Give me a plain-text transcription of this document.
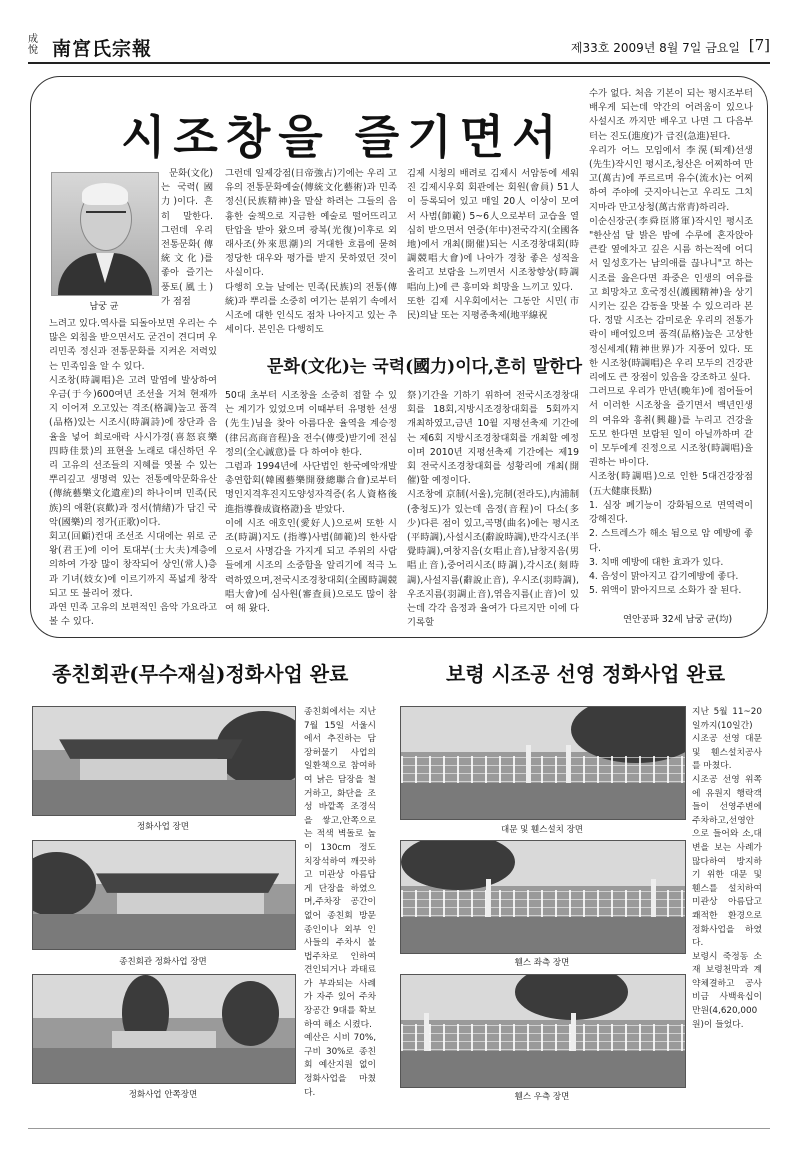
成悅 南宮氏宗報	제33호 2009년 8월 7일 금요일 [7]
시조창을 즐기면서
남궁 균

문화(文化)는 국력(國力)이다. 흔히 말한다. 그런데 우리 전통문화(傳統文化)를 좋아 즐기는 풍토(風土)가 점점

느려고 있다.역사를 되돌아보면 우리는 수많은 외침을 받으면서도 굳건이 견디며 우리민족 정신과 전통문화를 지켜온 저력있는 민족임을 알 수 있다.
시조창(時調唱)은 고려 말엽에 발상하여 우금(于今)600여년 조선을 거쳐 현재까지 이어져 오고있는 격조(格調)높고 품격(品格)있는 시조시(時調詩)에 장단과 음율을 넣어 희로애락 사시가경(喜怒哀樂 四時佳景)의 표현을 노래로 대신하던 우리 고유의 선조들의 지혜를 엿볼 수 있는 뿌리깊고 생명력 있는 전통예악문화유산(傳統藝樂文化遺産)의 하나이며 민족(民族)의 애환(哀歡)과 정서(情緖)가 담긴 국악(國樂)의 정가(正歌)이다.
회고(回顧)컨대 조선조 시대에는 위로 군왕(君王)에 이어 토대부(士大夫)계층에 의하여 가장 많이 창작되어 상인(常人)층과 기녀(妓女)에 이르기까지 폭넓게 창작되고 또 불리어 졌다.
과연 민족 고유의 보편적인 음악 가요라고 볼 수 있다.
그런데 일제강점(日帝強占)기에는 우리 고유의 전통문화예술(傳統文化藝術)과 민족정신(民族精神)을 말살 하려는 그들의 음흉한 술책으로 지금한 예술로 떨어뜨리고 탄압을 받아 왔으며 광복(光復)이후로 외래사조(外來思潮)의 거대한 흐름에 묻혀 정당한 대우와 평가를 받지 못하였던 것이 사실이다.
다행히 오늘 날에는 민족(民族)의 전통(傳統)과 뿌리를 소중히 여기는 분위기 속에서 시조에 대한 인식도 점차 나아지고 있는 추세이다. 본인은 다행히도
문화(文化)는 국력(國力)이다,흔히 말한다
50대 초부터 시조창을 소중히 접할 수 있는 계기가 있었으며 이때부터 유명한 선생(先生)님을 찾아 아름다운 율역을 계승정(律呂高商音程)을 전수(傳受)받기에 전심정의(全心誠意)를 다 하여야 한다.
그럼과 1994년에 사단법인 한국예악개발총연합회(韓國藝樂開發總聯合會)로부터 명인지격후진지도양성자격증(名人資格後進指導養成資格證)을 받았다.
이에 시조 애호인(愛好人)으로써 또한 시조(時調)지도 (指導)사범(師範)의 한사람으로서 사명감을 가지게 되고 주위의 사람들에게 시조의 소중함을 알리기에 적극 노력하였으며,전국시조경창대회(全國時調競唱大會)에 심사원(審査員)으로도 많이 참여 해 왔다.
김제 시청의 배려로 김제시 서암동에 세워진 김제시우회 회관에는 회원(會員) 51人이 등록되어 있고 매일 20人 이상이 모여서 사범(師範) 5~6人으로부터 교습을 열심히 받으면서 연중(年中)전국각지(全國各地)에서 개최(開催)되는 시조경창대회(時調競唱大會)에 나아가 경창 좋은 성적을 올리고 보람을 느끼면서 시조창향상(時調唱向上)에 큰 흥미와 희망을 느끼고 있다.
또한 김제 시우회에서는 그동안 시민(市民)의날 또는 지평종축제(地平線祝
祭)기간을 기하기 위하여 전국시조경창대회를 18회,지방시조경창대회를 5회까지 개최하였고,금년 10월 지평선축제 기간에는 제6회 지방시조경창대회를 개최할 예정이며 2010년 지평선축제 기간에는 제19회 전국시조경창대회를 성황리에 개최(開催)할 예정이다.
시조창에 京制(서울),完制(전라도),内浦制(충청도)가 있는데 음정(音程)이 다소(多少)다른 점이 있고,곡명(曲名)에는 평시조(平時調),사설시조(辭說時調),반각시조(半覺時調),여창지음(女唱止音),남창지음(男唱止音),중어리시조(時調),각시조(刻時調),사설지름(辭說止音), 우시조(羽時調),우조지름(羽調止音),엮음지름(止音)이 있는데 각각 음정과 율여가 다르지만 이에 다 기록할
수가 없다. 처음 기본이 되는 평시조부터 배우게 되는데 약간의 어려움이 있으나 사설시조 까지만 배우고 나면 그 다음부터는 진도(進度)가 급진(急進)된다.
우리가 어느 모임에서 李滉(퇴계)선생(先生)작시인 평시조,청산은 어찌하여 만고(萬古)에 푸르르며 유수(流水)는 어찌하여 주야에 긋지아니는고 우리도 그치지마라 만고상청(萬古常青)하리라.
이순신장군(李舜臣將軍)작시인 평시조 "한산섬 달 밝은 밤에 수루에 혼자앉아 큰칼 옆에차고 깊은 시름 하는적에 어디서 일성호가는 남의애를 끊나니"고 하는 시조를 읊은다면 좌중은 인생의 여유를고 희망차고 호국정신(護國精神)을 상기 시키는 깊은 감동을 맛볼 수 있으리라 본다. 정말 시조는 감미로운 우리의 전통가락이 배여있으며 품격(品格)높은 고상한 정신세계(精神世界)가 지풍어 있다. 또한 시조창(時調唱)은 우리 모두의 건강관리에도 큰 장점이 있음을 강조하고 싶다.
그러므로 우리가 만년(晩年)에 접어들어서 이러한 시조창을 즐기면서 백년인생의 여유와 흥취(興趣)를 누리고 건강을 도모 한다면 보람된 일이 아닐까하며 같이 모두에게 진정으로 시조창(時調唱)을 권하는 바이다.
시조창(時調唱)으로 인한 5대건강장점(五大健康長點)
1. 심장 폐기능이 강화됨으로 면역력이 강해진다.
2. 스트레스가 해소 됨으로 암 예방에 좋다.
3. 치매 예방에 대한 효과가 있다.
4. 음성이 맑아지고 갑기예방에 좋다.
5. 위액이 맑아지므로 소화가 잘 된다.
연안공파 32세 남궁 균(均)
종친회관(무수재실)정화사업 완료
정화사업 장면
종친회관 정화사업 장면
정화사업 안쪽장면
종친회에서는 지난 7월 15일 서울시에서 추진하는 담장허물기 사업의 일환책으로 참여하여 낡은 담장을 철거하고, 화단을 조성 바깥쪽 조경석을 쌓고,안쪽으로는 적색 벽돌로 높이 130cm 정도 치장석하여 깨끗하고 미관상 아름답게 단장을 하였으며,주차장 공간이 없어 종친회 방문 종인이나 외부 인사들의 주차시 불법주차로 인하여 견인되거나 과태료가 부과되는 사례가 자주 있어 주차장공간 9대를 확보하여 해소 시켰다.
예산은 시비 70%,구비 30%로 종친회 예산지원 없이 정화사업을 마쳤다.
보령 시조공 선영 정화사업 완료
대문 및 휀스설치 장면
휀스 좌측 장면
휀스 우측 장면
지난 5월 11~20일까지(10일간) 시조공 선영 대문 및 휀스설치공사를 마쳤다.
시조공 선영 위쪽에 유원지 행락객들이 선영주변에 주차하고,선영안으로 들어와 소,대변을 보는 사례가 많다하여 방지하기 위한 대문 및 휀스를 설치하여 미관상 아름답고 쾌적한 환경으로 정화사업을 하였다.
보령시 죽정동 소재 보령천막과 계약체결하고 공사비금 사백육십이만원(4,620,000원)이 들었다.
